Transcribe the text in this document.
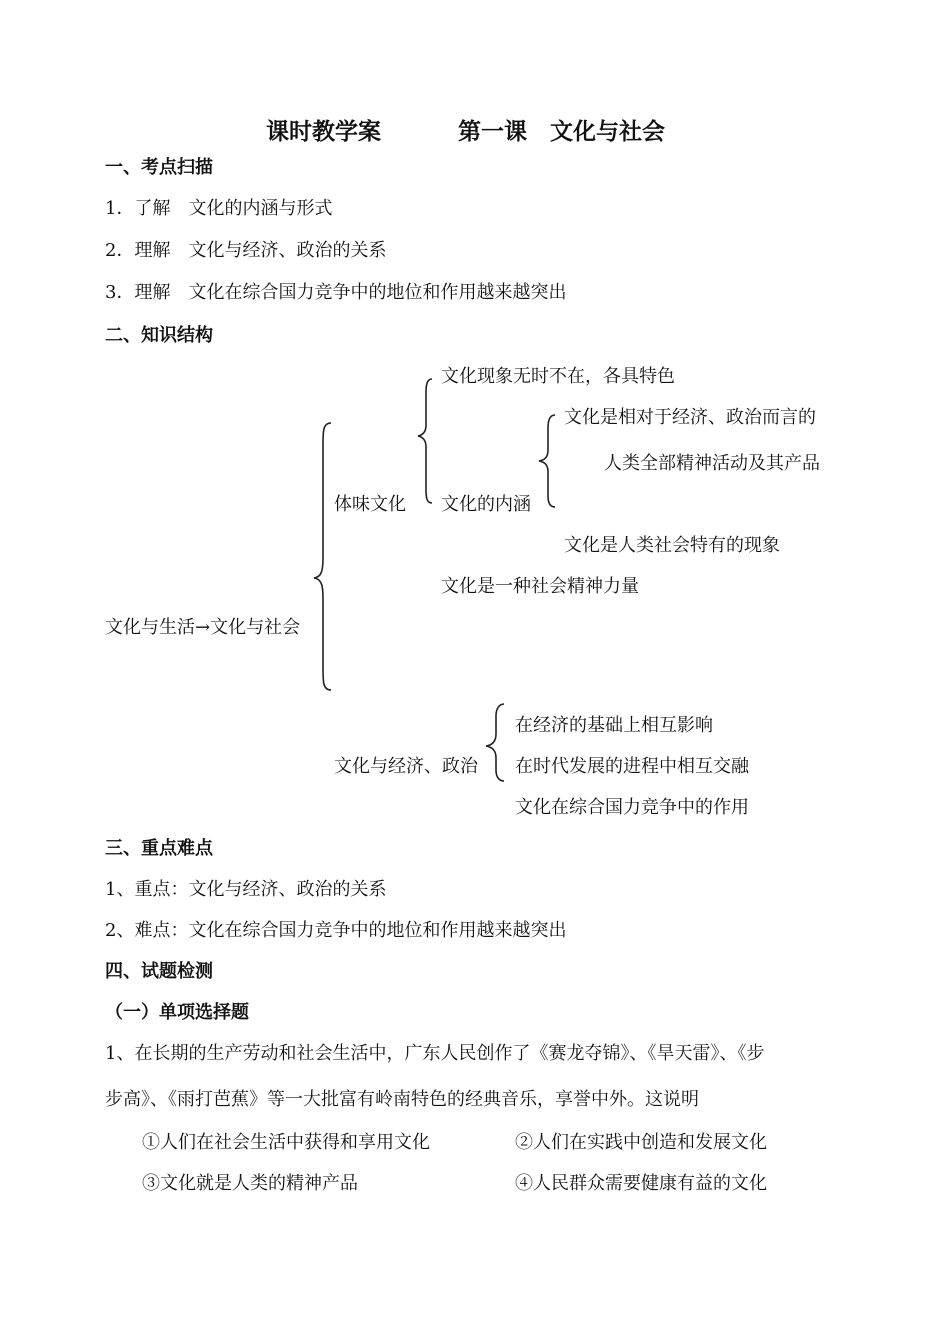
课时教学案	第一课　文化与社会
一、考点扫描
1．了解　文化的内涵与形式
2．理解　文化与经济、政治的关系
3．理解　文化在综合国力竞争中的地位和作用越来越突出
二、知识结构
文化与生活→文化与社会
体味文化
文化现象无时不在，各具特色
文化的内涵
文化是一种社会精神力量
文化是相对于经济、政治而言的
人类全部精神活动及其产品
文化是人类社会特有的现象
文化与经济、政治
在经济的基础上相互影响
在时代发展的进程中相互交融
文化在综合国力竞争中的作用
三、重点难点
1、重点：文化与经济、政治的关系
2、难点：文化在综合国力竞争中的地位和作用越来越突出
四、试题检测
（一）单项选择题
1、在长期的生产劳动和社会生活中，广东人民创作了《赛龙夺锦》、《旱天雷》、《步
步高》、《雨打芭蕉》等一大批富有岭南特色的经典音乐，享誉中外。这说明
①人们在社会生活中获得和享用文化	②人们在实践中创造和发展文化
③文化就是人类的精神产品	④人民群众需要健康有益的文化
